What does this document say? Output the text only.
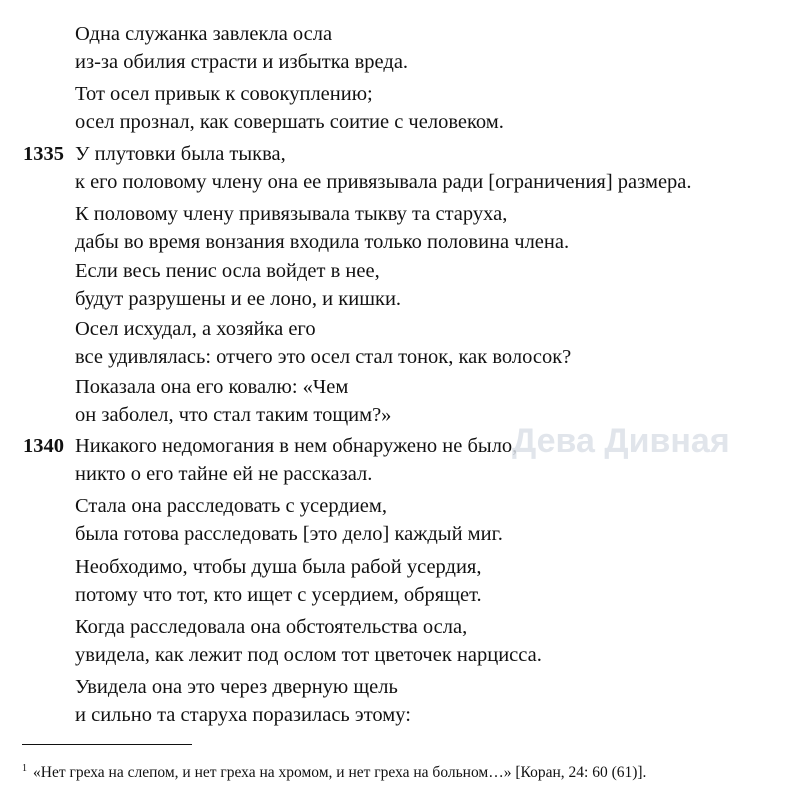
Одна служанка завлекла осла
из-за обилия страсти и избытка вреда.
Тот осел привык к совокуплению;
осел прознал, как совершать соитие с человеком.
1335 У плутовки была тыква,
к его половому члену она ее привязывала ради [ограничения] размера.
К половому члену привязывала тыкву та старуха,
дабы во время вонзания входила только половина члена.
Если весь пенис осла войдет в нее,
будут разрушены и ее лоно, и кишки.
Осел исхудал, а хозяйка его
все удивлялась: отчего это осел стал тонок, как волосок?
Показала она его ковалю: «Чем
он заболел, что стал таким тощим?»
1340 Никакого недомогания в нем обнаружено не было,
никто о его тайне ей не рассказал.
Стала она расследовать с усердием,
была готова расследовать [это дело] каждый миг.
Необходимо, чтобы душа была рабой усердия,
потому что тот, кто ищет с усердием, обрящет.
Когда расследовала она обстоятельства осла,
увидела, как лежит под ослом тот цветочек нарцисса.
Увидела она это через дверную щель
и сильно та старуха поразилась этому:
Дева Дивная
$^1$ «Нет греха на слепом, и нет греха на хромом, и нет греха на больном…» [Коран, 24: 60 (61)].
